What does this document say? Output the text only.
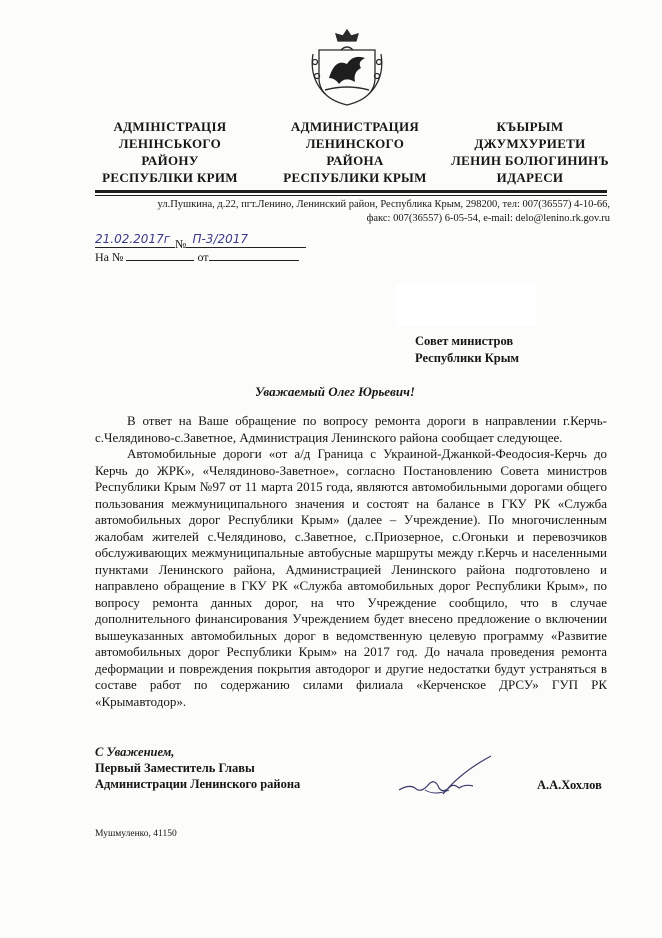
АДМІНІСТРАЦІЯ
ЛЕНІНСЬКОГО
РАЙОНУ
РЕСПУБЛІКИ КРИМ
АДМИНИСТРАЦИЯ
ЛЕНИНСКОГО
РАЙОНА
РЕСПУБЛИКИ КРЫМ
КЪЫРЫМ
ДЖУМХУРИЕТИ
ЛЕНИН БОЛЮГИНИНЪ
ИДАРЕСИ
ул.Пушкина, д.22, пгт.Ленино, Ленинский район, Республика Крым, 298200, тел: 007(36557) 4-10-66,
факс: 007(36557) 6-05-54, e-mail: delo@lenino.rk.gov.ru
21.02.2017г № П-3/2017
На №	от
Совет министров
Республики Крым
Уважаемый Олег Юрьевич!

В ответ на Ваше обращение по вопросу ремонта дороги в направлении г.Керчь-с.Челядиново-с.Заветное, Администрация Ленинского района сообщает следующее.

Автомобильные дороги «от а/д Граница с Украиной-Джанкой-Феодосия-Керчь до Керчь до ЖРК», «Челядиново-Заветное», согласно Постановлению Совета министров Республики Крым №97 от 11 марта 2015 года, являются автомобильными дорогами общего пользования межмуниципального значения и состоят на балансе в ГКУ РК «Служба автомобильных дорог Республики Крым» (далее – Учреждение). По многочисленным жалобам жителей с.Челядиново, с.Заветное, с.Приозерное, с.Огоньки и перевозчиков обслуживающих межмуниципальные автобусные маршруты между г.Керчь и населенными пунктами Ленинского района, Администрацией Ленинского района подготовлено и направлено обращение в ГКУ РК «Служба автомобильных дорог Республики Крым», по вопросу ремонта данных дорог, на что Учреждение сообщило, что в случае дополнительного финансирования Учреждением будет внесено предложение о включении вышеуказанных автомобильных дорог в ведомственную целевую программу «Развитие автомобильных дорог Республики Крым» на 2017 год. До начала проведения ремонта деформации и повреждения покрытия автодорог и другие недостатки будут устраняться в составе работ по содержанию силами филиала «Керченское ДРСУ» ГУП РК «Крымавтодор».

С Уважением,
Первый Заместитель Главы
Администрации Ленинского района	А.А.Хохлов
Мушмуленко, 41150
